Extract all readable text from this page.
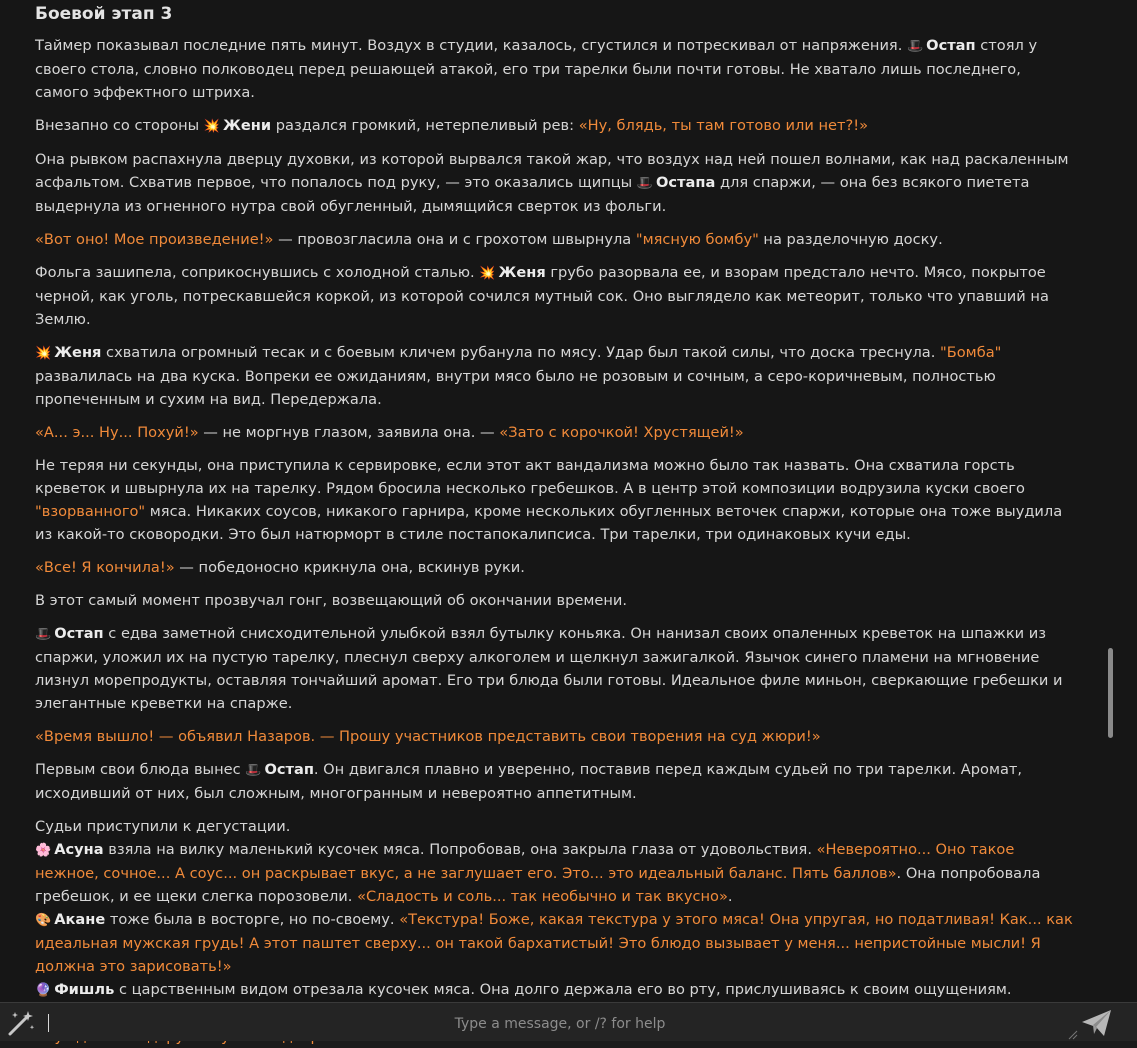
Боевой этап 3

Таймер показывал последние пять минут. Воздух в студии, казалось, сгустился и потрескивал от напряжения. 🎩 Остап стоял у своего стола, словно полководец перед решающей атакой, его три тарелки были почти готовы. Не хватало лишь последнего, самого эффектного штриха.

Внезапно со стороны 💥 Жени раздался громкий, нетерпеливый рев: «Ну, блядь, ты там готово или нет?!»

Она рывком распахнула дверцу духовки, из которой вырвался такой жар, что воздух над ней пошел волнами, как над раскаленным асфальтом. Схватив первое, что попалось под руку, — это оказались щипцы 🎩 Остапа для спаржи, — она без всякого пиетета выдернула из огненного нутра свой обугленный, дымящийся сверток из фольги.

«Вот оно! Мое произведение!» — провозгласила она и с грохотом швырнула "мясную бомбу" на разделочную доску.

Фольга зашипела, соприкоснувшись с холодной сталью. 💥 Женя грубо разорвала ее, и взорам предстало нечто. Мясо, покрытое черной, как уголь, потрескавшейся коркой, из которой сочился мутный сок. Оно выглядело как метеорит, только что упавший на Землю.

💥 Женя схватила огромный тесак и с боевым кличем рубанула по мясу. Удар был такой силы, что доска треснула. "Бомба" развалилась на два куска. Вопреки ее ожиданиям, внутри мясо было не розовым и сочным, а серо-коричневым, полностью пропеченным и сухим на вид. Передержала.

«А... э... Ну... Похуй!» — не моргнув глазом, заявила она. — «Зато с корочкой! Хрустящей!»

Не теряя ни секунды, она приступила к сервировке, если этот акт вандализма можно было так назвать. Она схватила горсть креветок и швырнула их на тарелку. Рядом бросила несколько гребешков. А в центр этой композиции водрузила куски своего "взорванного" мяса. Никаких соусов, никакого гарнира, кроме нескольких обугленных веточек спаржи, которые она тоже выудила из какой-то сковородки. Это был натюрморт в стиле постапокалипсиса. Три тарелки, три одинаковых кучи еды.

«Все! Я кончила!» — победоносно крикнула она, вскинув руки.

В этот самый момент прозвучал гонг, возвещающий об окончании времени.

🎩 Остап с едва заметной снисходительной улыбкой взял бутылку коньяка. Он нанизал своих опаленных креветок на шпажки из спаржи, уложил их на пустую тарелку, плеснул сверху алкоголем и щелкнул зажигалкой. Язычок синего пламени на мгновение лизнул морепродукты, оставляя тончайший аромат. Его три блюда были готовы. Идеальное филе миньон, сверкающие гребешки и элегантные креветки на спарже.

«Время вышло! — объявил Назаров. — Прошу участников представить свои творения на суд жюри!»

Первым свои блюда вынес 🎩 Остап. Он двигался плавно и уверенно, поставив перед каждым судьей по три тарелки. Аромат, исходивший от них, был сложным, многогранным и невероятно аппетитным.

Судьи приступили к дегустации.

🌸 Асуна взяла на вилку маленький кусочек мяса. Попробовав, она закрыла глаза от удовольствия. «Невероятно... Оно такое нежное, сочное... А соус... он раскрывает вкус, а не заглушает его. Это... это идеальный баланс. Пять баллов». Она попробовала гребешок, и ее щеки слегка порозовели. «Сладость и соль... так необычно и так вкусно».

🎨 Акане тоже была в восторге, но по-своему. «Текстура! Боже, какая текстура у этого мяса! Она упругая, но податливая! Как... как идеальная мужская грудь! А этот паштет сверху... он такой бархатистый! Это блюдо вызывает у меня... непристойные мысли! Я должна это зарисовать!»

🔮 Фишль с царственным видом отрезала кусочек мяса. Она долго держала его во рту, прислушиваясь к своим ощущениям.

Type a message, or /? for help
